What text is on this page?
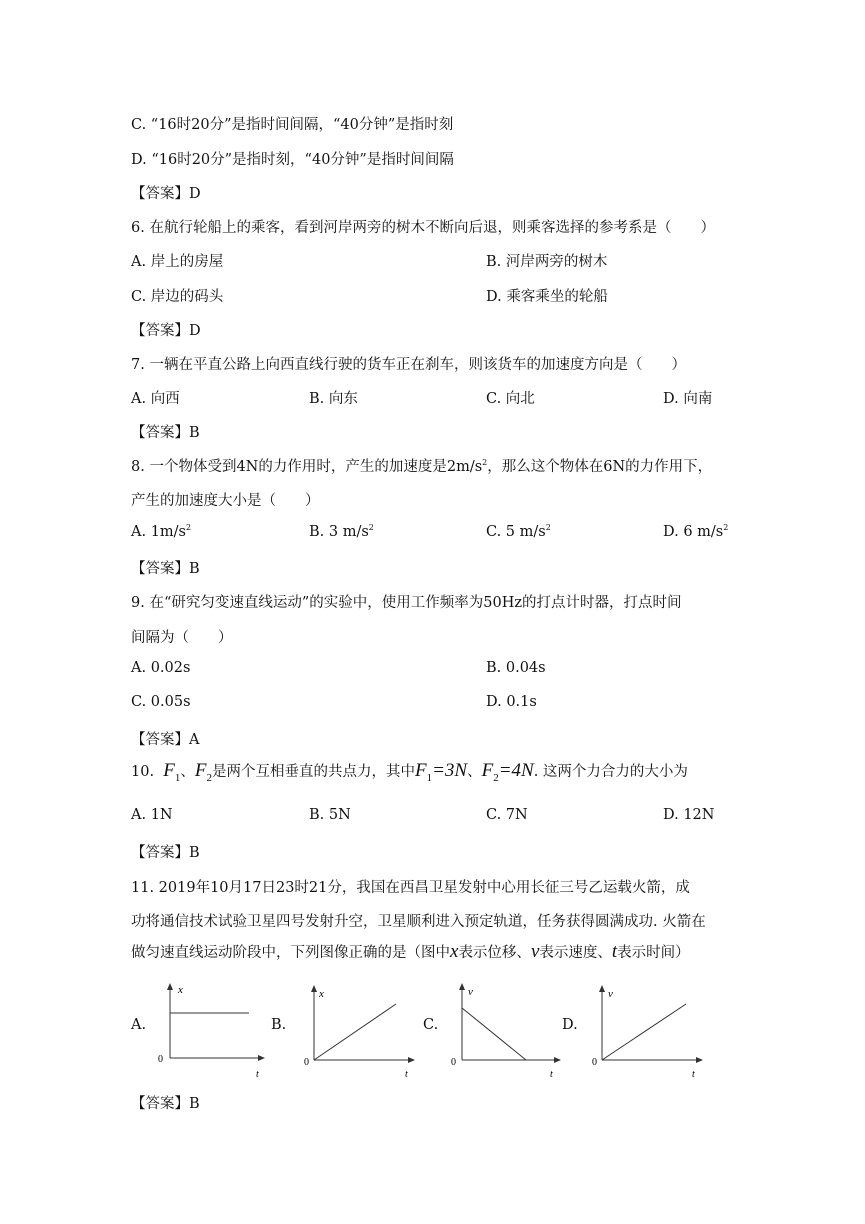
C. “16时20分”是指时间间隔，“40分钟”是指时刻
D. “16时20分”是指时刻，“40分钟”是指时间间隔
【答案】D
6. 在航行轮船上的乘客，看到河岸两旁的树木不断向后退，则乘客选择的参考系是（　　）
A. 岸上的房屋	B. 河岸两旁的树木
C. 岸边的码头	D. 乘客乘坐的轮船
【答案】D
7. 一辆在平直公路上向西直线行驶的货车正在刹车，则该货车的加速度方向是（　　）
A. 向西	B. 向东	C. 向北	D. 向南
【答案】B
8. 一个物体受到4N的力作用时，产生的加速度是$2m/s^2$，那么这个物体在6N的力作用下，
产生的加速度大小是（　　）
A. $1m/s^2$	B. 3 $m/s^2$	C. 5 $m/s^2$	D. 6 $m/s^2$
【答案】B
9. 在“研究匀变速直线运动”的实验中，使用工作频率为50Hz的打点计时器，打点时间
间隔为（　　）
A. 0.02s	B. 0.04s
C. 0.05s	D. 0.1s
【答案】A
10. $F_1$、$F_2$是两个互相垂直的共点力，其中$F_1=3N$、$F_2=4N$. 这两个力合力的大小为
A. 1N	B. 5N	C. 7N	D. 12N
【答案】B
11. 2019年10月17日23时21分，我国在西昌卫星发射中心用长征三号乙运载火箭，成
功将通信技术试验卫星四号发射升空，卫星顺利进入预定轨道，任务获得圆满成功. 火箭在
做匀速直线运动阶段中，下列图像正确的是（图中x表示位移、v表示速度、t表示时间）
A.	B.	C.	D.
x
0
t
x
0
t
v
0
t
v
0
t
【答案】B
